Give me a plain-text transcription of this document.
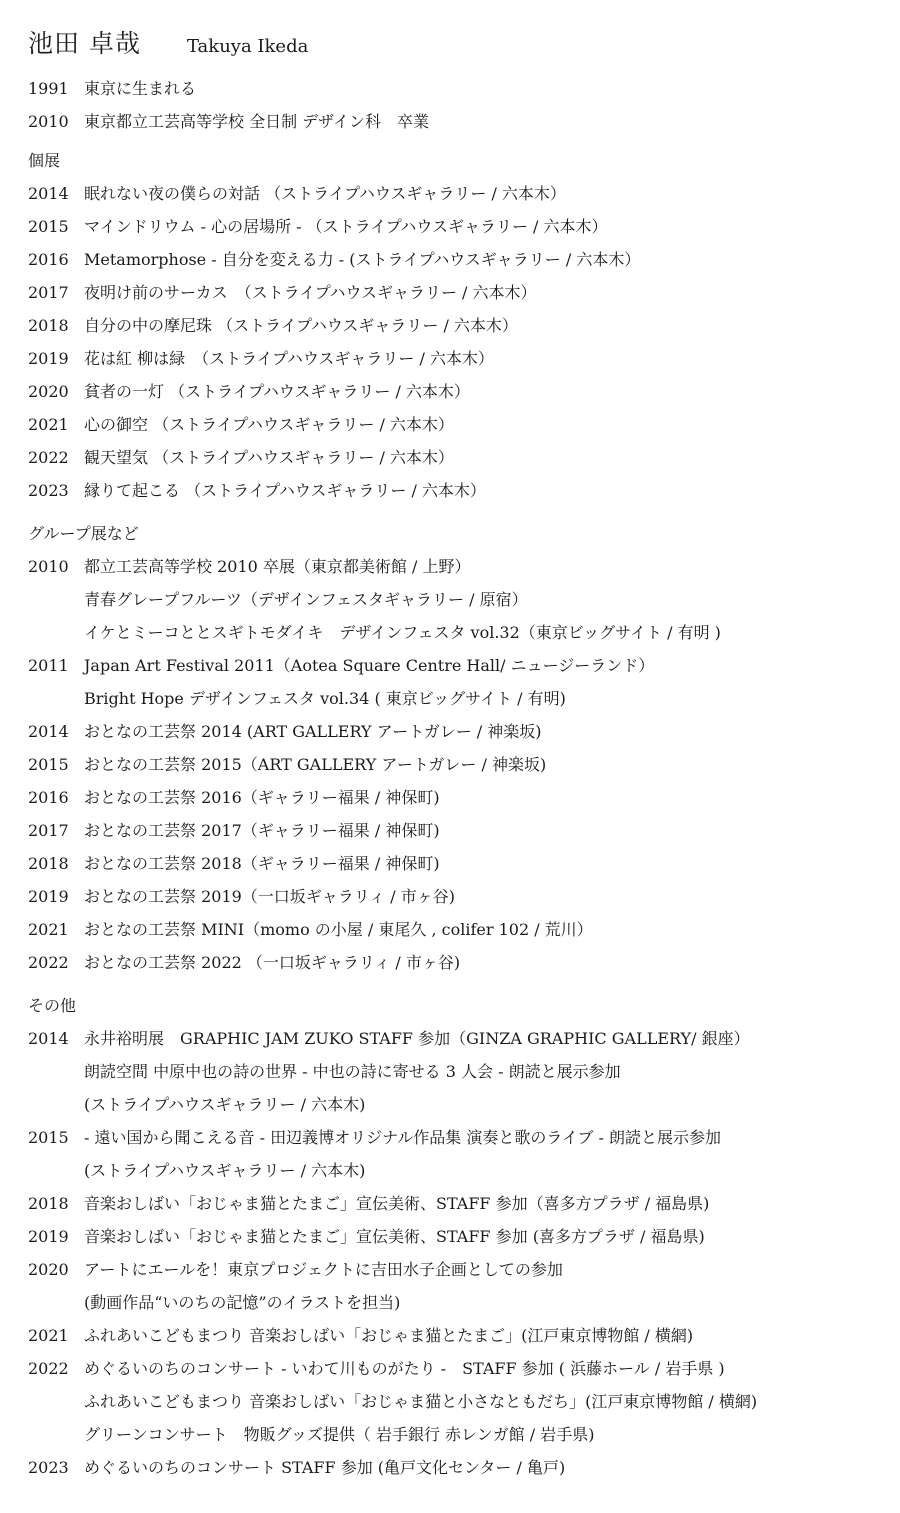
池田 卓哉	Takuya Ikeda
1991 東京に生まれる
2010 東京都立工芸高等学校 全日制 デザイン科　卒業
個展
2014 眠れない夜の僕らの対話 （ストライプハウスギャラリー / 六本木）
2015 マインドリウム - 心の居場所 - （ストライプハウスギャラリー / 六本木）
2016 Metamorphose - 自分を変える力 - (ストライプハウスギャラリー / 六本木）
2017 夜明け前のサーカス　（ストライプハウスギャラリー / 六本木）
2018 自分の中の摩尼珠 （ストライプハウスギャラリー / 六本木）
2019 花は紅 柳は緑　（ストライプハウスギャラリー / 六本木）
2020 貧者の一灯 （ストライプハウスギャラリー / 六本木）
2021 心の御空 （ストライプハウスギャラリー / 六本木）
2022 観天望気 （ストライプハウスギャラリー / 六本木）
2023 縁りて起こる （ストライプハウスギャラリー / 六本木）
グループ展など
2010 都立工芸高等学校 2010 卒展（東京都美術館 / 上野）
青春グレープフルーツ（デザインフェスタギャラリー / 原宿）
イケとミーコととスギトモダイキ　デザインフェスタ vol.32（東京ビッグサイト / 有明 )
2011 Japan Art Festival 2011（Aotea Square Centre Hall/ ニュージーランド）
Bright Hope デザインフェスタ vol.34 ( 東京ビッグサイト / 有明)
2014 おとなの工芸祭 2014 (ART GALLERY アートガレー / 神楽坂)
2015 おとなの工芸祭 2015（ART GALLERY アートガレー / 神楽坂)
2016 おとなの工芸祭 2016（ギャラリー福果 / 神保町)
2017 おとなの工芸祭 2017（ギャラリー福果 / 神保町)
2018 おとなの工芸祭 2018（ギャラリー福果 / 神保町)
2019 おとなの工芸祭 2019（一口坂ギャラリィ / 市ヶ谷)
2021 おとなの工芸祭 MINI（momo の小屋 / 東尾久 , colifer 102 / 荒川）
2022 おとなの工芸祭 2022 （一口坂ギャラリィ / 市ヶ谷)
その他
2014 永井裕明展　GRAPHIC JAM ZUKO STAFF 参加（GINZA GRAPHIC GALLERY/ 銀座）
朗読空間 中原中也の詩の世界 - 中也の詩に寄せる 3 人会 - 朗読と展示参加
(ストライプハウスギャラリー / 六本木)
2015 - 遠い国から聞こえる音 - 田辺義博オリジナル作品集 演奏と歌のライブ - 朗読と展示参加
(ストライプハウスギャラリー / 六本木)
2018 音楽おしばい「おじゃま猫とたまご」宣伝美術、STAFF 参加（喜多方プラザ / 福島県)
2019 音楽おしばい「おじゃま猫とたまご」宣伝美術、STAFF 参加 (喜多方プラザ / 福島県)
2020 アートにエールを！東京プロジェクトに吉田水子企画としての参加
(動画作品“いのちの記憶”のイラストを担当)
2021 ふれあいこどもまつり 音楽おしばい「おじゃま猫とたまご」(江戸東京博物館 / 横網)
2022 めぐるいのちのコンサート - いわて川ものがたり -　STAFF 参加 ( 浜藤ホール / 岩手県 )
ふれあいこどもまつり 音楽おしばい「おじゃま猫と小さなともだち」(江戸東京博物館 / 横網)
グリーンコンサート　物販グッズ提供（ 岩手銀行 赤レンガ館 / 岩手県)
2023 めぐるいのちのコンサート STAFF 参加 (亀戸文化センター / 亀戸)
